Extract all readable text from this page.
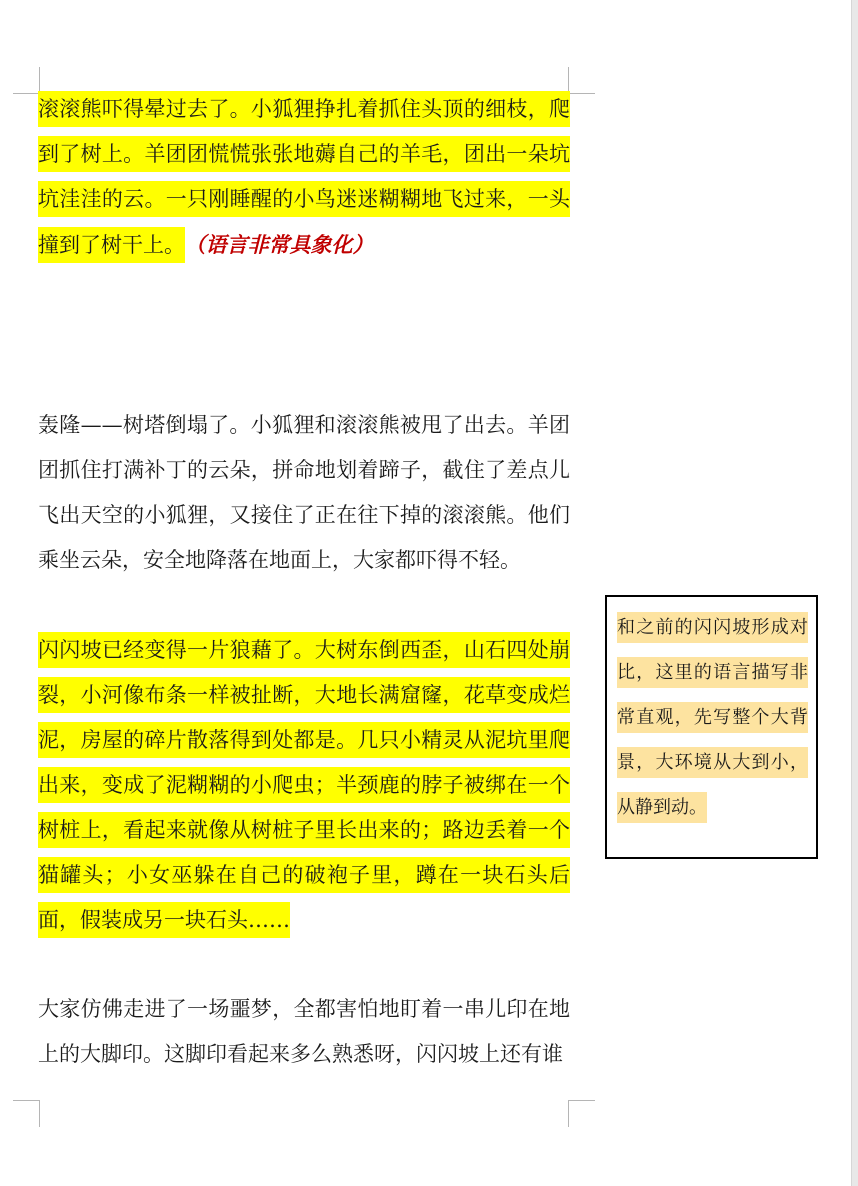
滚滚熊吓得晕过去了。小狐狸挣扎着抓住头顶的细枝，爬到了树上。羊团团慌慌张张地薅自己的羊毛，团出一朵坑坑洼洼的云。一只刚睡醒的小鸟迷迷糊糊地飞过来，一头撞到了树干上。 （语言非常具象化）
轰隆——树塔倒塌了。小狐狸和滚滚熊被甩了出去。羊团团抓住打满补丁的云朵，拼命地划着蹄子，截住了差点儿飞出天空的小狐狸，又接住了正在往下掉的滚滚熊。他们乘坐云朵，安全地降落在地面上，大家都吓得不轻。
闪闪坡已经变得一片狼藉了。大树东倒西歪，山石四处崩裂，小河像布条一样被扯断，大地长满窟窿，花草变成烂泥，房屋的碎片散落得到处都是。几只小精灵从泥坑里爬出来，变成了泥糊糊的小爬虫；半颈鹿的脖子被绑在一个树桩上，看起来就像从树桩子里长出来的；路边丢着一个猫罐头；小女巫躲在自己的破袍子里，蹲在一块石头后面，假装成另一块石头……
大家仿佛走进了一场噩梦，全都害怕地盯着一串儿印在地上的大脚印。这脚印看起来多么熟悉呀，闪闪坡上还有谁
和之前的闪闪坡形成对比，这里的语言描写非常直观，先写整个大背景，大环境从大到小，从静到动。
